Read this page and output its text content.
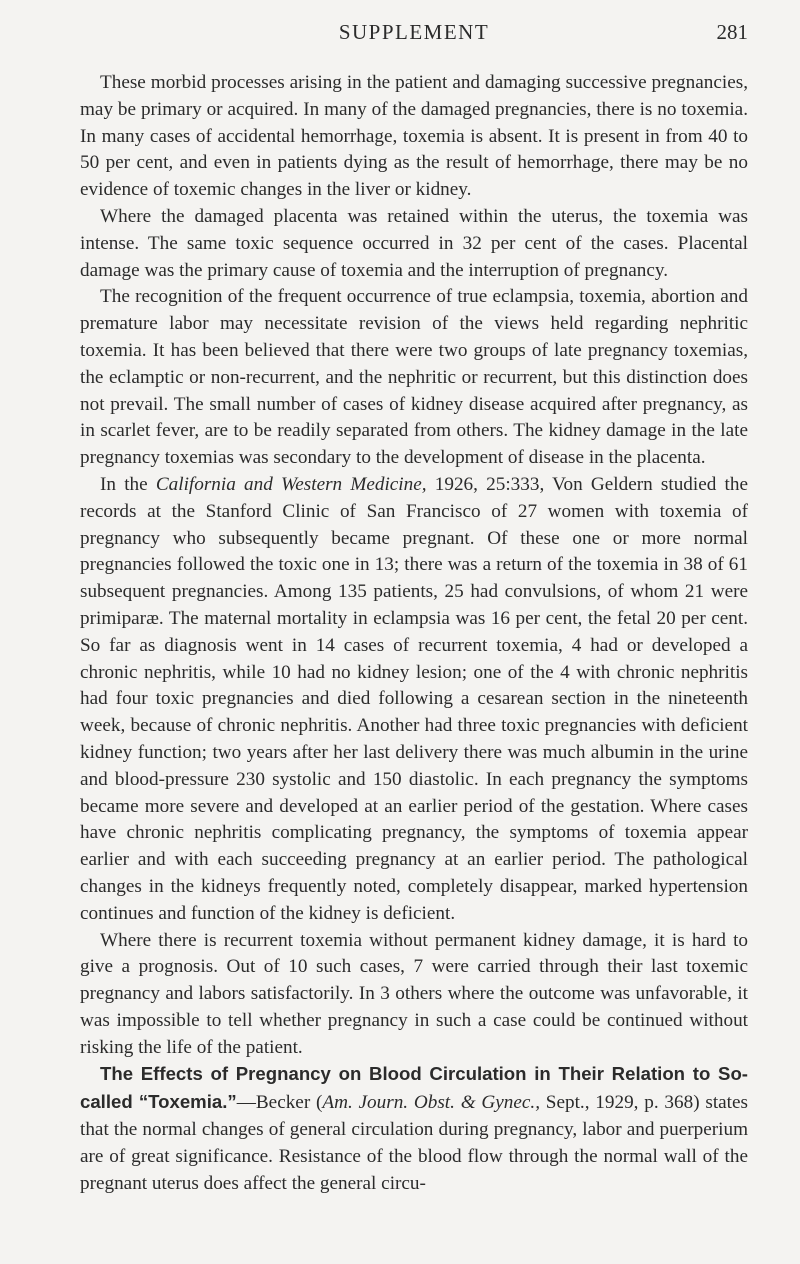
SUPPLEMENT	281

These morbid processes arising in the patient and damaging successive pregnancies, may be primary or acquired. In many of the damaged pregnancies, there is no toxemia. In many cases of accidental hemorrhage, toxemia is absent. It is present in from 40 to 50 per cent, and even in patients dying as the result of hemorrhage, there may be no evidence of toxemic changes in the liver or kidney.

Where the damaged placenta was retained within the uterus, the toxemia was intense. The same toxic sequence occurred in 32 per cent of the cases. Placental damage was the primary cause of toxemia and the interruption of pregnancy.

The recognition of the frequent occurrence of true eclampsia, toxemia, abortion and premature labor may necessitate revision of the views held regarding nephritic toxemia. It has been believed that there were two groups of late pregnancy toxemias, the eclamptic or non-recurrent, and the nephritic or recurrent, but this distinction does not prevail. The small number of cases of kidney disease acquired after pregnancy, as in scarlet fever, are to be readily separated from others. The kidney damage in the late pregnancy toxemias was secondary to the development of disease in the placenta.

In the California and Western Medicine, 1926, 25:333, Von Geldern studied the records at the Stanford Clinic of San Francisco of 27 women with toxemia of pregnancy who subsequently became pregnant. Of these one or more normal pregnancies followed the toxic one in 13; there was a return of the toxemia in 38 of 61 subsequent pregnancies. Among 135 patients, 25 had convulsions, of whom 21 were primiparæ. The maternal mortality in eclampsia was 16 per cent, the fetal 20 per cent. So far as diagnosis went in 14 cases of recurrent toxemia, 4 had or developed a chronic nephritis, while 10 had no kidney lesion; one of the 4 with chronic nephritis had four toxic pregnancies and died following a cesarean section in the nineteenth week, because of chronic nephritis. Another had three toxic pregnancies with deficient kidney function; two years after her last delivery there was much albumin in the urine and blood-pressure 230 systolic and 150 diastolic. In each pregnancy the symptoms became more severe and developed at an earlier period of the gestation. Where cases have chronic nephritis complicating pregnancy, the symptoms of toxemia appear earlier and with each succeeding pregnancy at an earlier period. The pathological changes in the kidneys frequently noted, completely disappear, marked hypertension continues and function of the kidney is deficient.

Where there is recurrent toxemia without permanent kidney damage, it is hard to give a prognosis. Out of 10 such cases, 7 were carried through their last toxemic pregnancy and labors satisfactorily. In 3 others where the outcome was unfavorable, it was impossible to tell whether pregnancy in such a case could be continued without risking the life of the patient.

The Effects of Pregnancy on Blood Circulation in Their Relation to So-called “Toxemia.”—Becker (Am. Journ. Obst. & Gynec., Sept., 1929, p. 368) states that the normal changes of general circulation during pregnancy, labor and puerperium are of great significance. Resistance of the blood flow through the normal wall of the pregnant uterus does affect the general circu-
